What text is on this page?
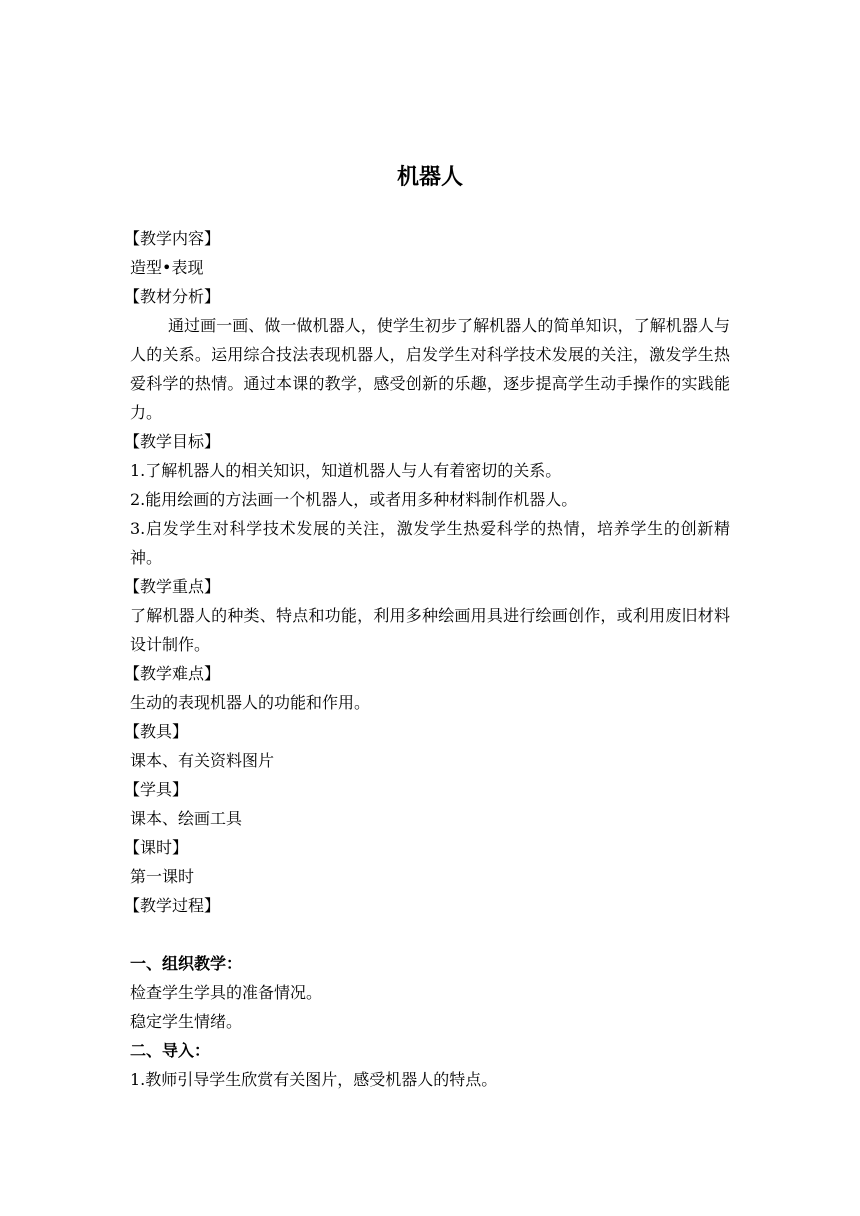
机器人
【教学内容】
造型•表现
【教材分析】
通过画一画、做一做机器人，使学生初步了解机器人的简单知识，了解机器人与人的关系。运用综合技法表现机器人，启发学生对科学技术发展的关注，激发学生热爱科学的热情。通过本课的教学，感受创新的乐趣，逐步提高学生动手操作的实践能力。
【教学目标】
1.了解机器人的相关知识，知道机器人与人有着密切的关系。
2.能用绘画的方法画一个机器人，或者用多种材料制作机器人。
3.启发学生对科学技术发展的关注，激发学生热爱科学的热情，培养学生的创新精神。
【教学重点】
了解机器人的种类、特点和功能，利用多种绘画用具进行绘画创作，或利用废旧材料设计制作。
【教学难点】
生动的表现机器人的功能和作用。
【教具】
课本、有关资料图片
【学具】
课本、绘画工具
【课时】
第一课时
【教学过程】
一、组织教学：
检查学生学具的准备情况。
稳定学生情绪。
二、导入：
1.教师引导学生欣赏有关图片，感受机器人的特点。
